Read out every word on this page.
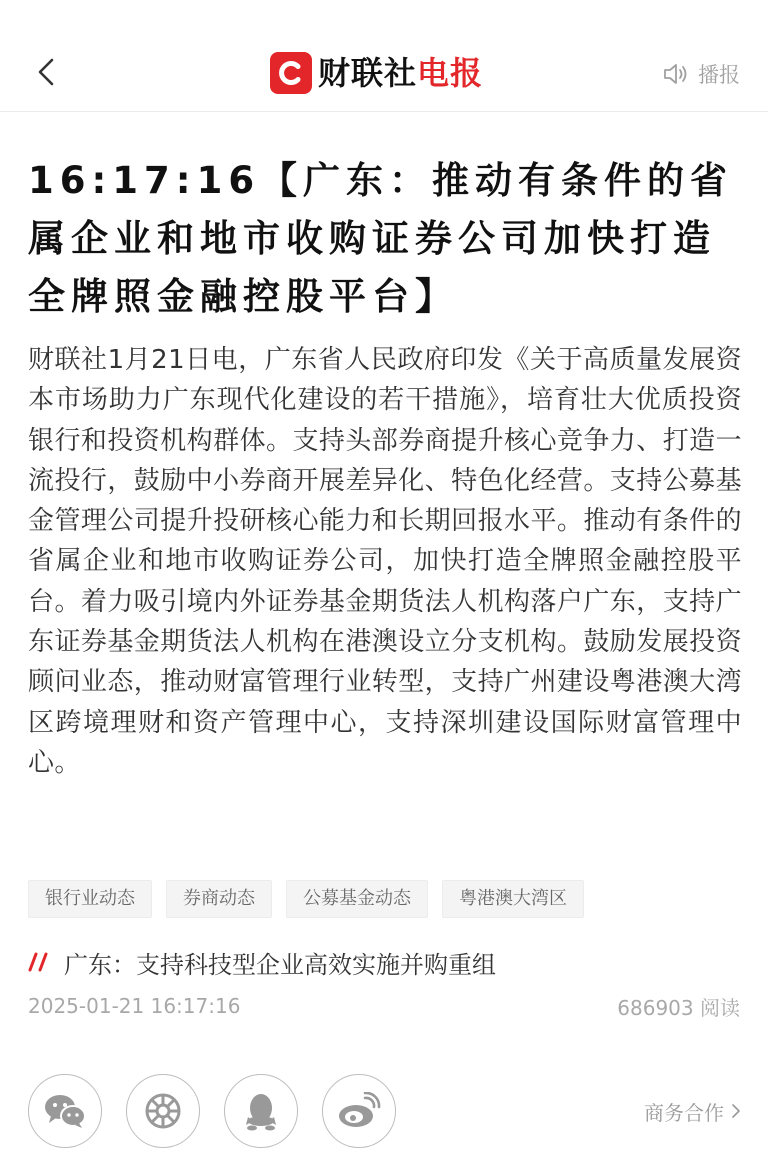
财联社 电报	播报
16:17:16【广东：推动有条件的省属企业和地市收购证券公司加快打造全牌照金融控股平台】

财联社1月21日电，广东省人民政府印发《关于高质量发展资本市场助力广东现代化建设的若干措施》，培育壮大优质投资银行和投资机构群体。支持头部券商提升核心竞争力、打造一流投行，鼓励中小券商开展差异化、特色化经营。支持公募基金管理公司提升投研核心能力和长期回报水平。推动有条件的省属企业和地市收购证券公司，加快打造全牌照金融控股平台。着力吸引境内外证券基金期货法人机构落户广东，支持广东证券基金期货法人机构在港澳设立分支机构。鼓励发展投资顾问业态，推动财富管理行业转型，支持广州建设粤港澳大湾区跨境理财和资产管理中心，支持深圳建设国际财富管理中心。

银行业动态	券商动态	公募基金动态	粤港澳大湾区
广东：支持科技型企业高效实施并购重组
2025-01-21 16:17:16	686903 阅读
商务合作
